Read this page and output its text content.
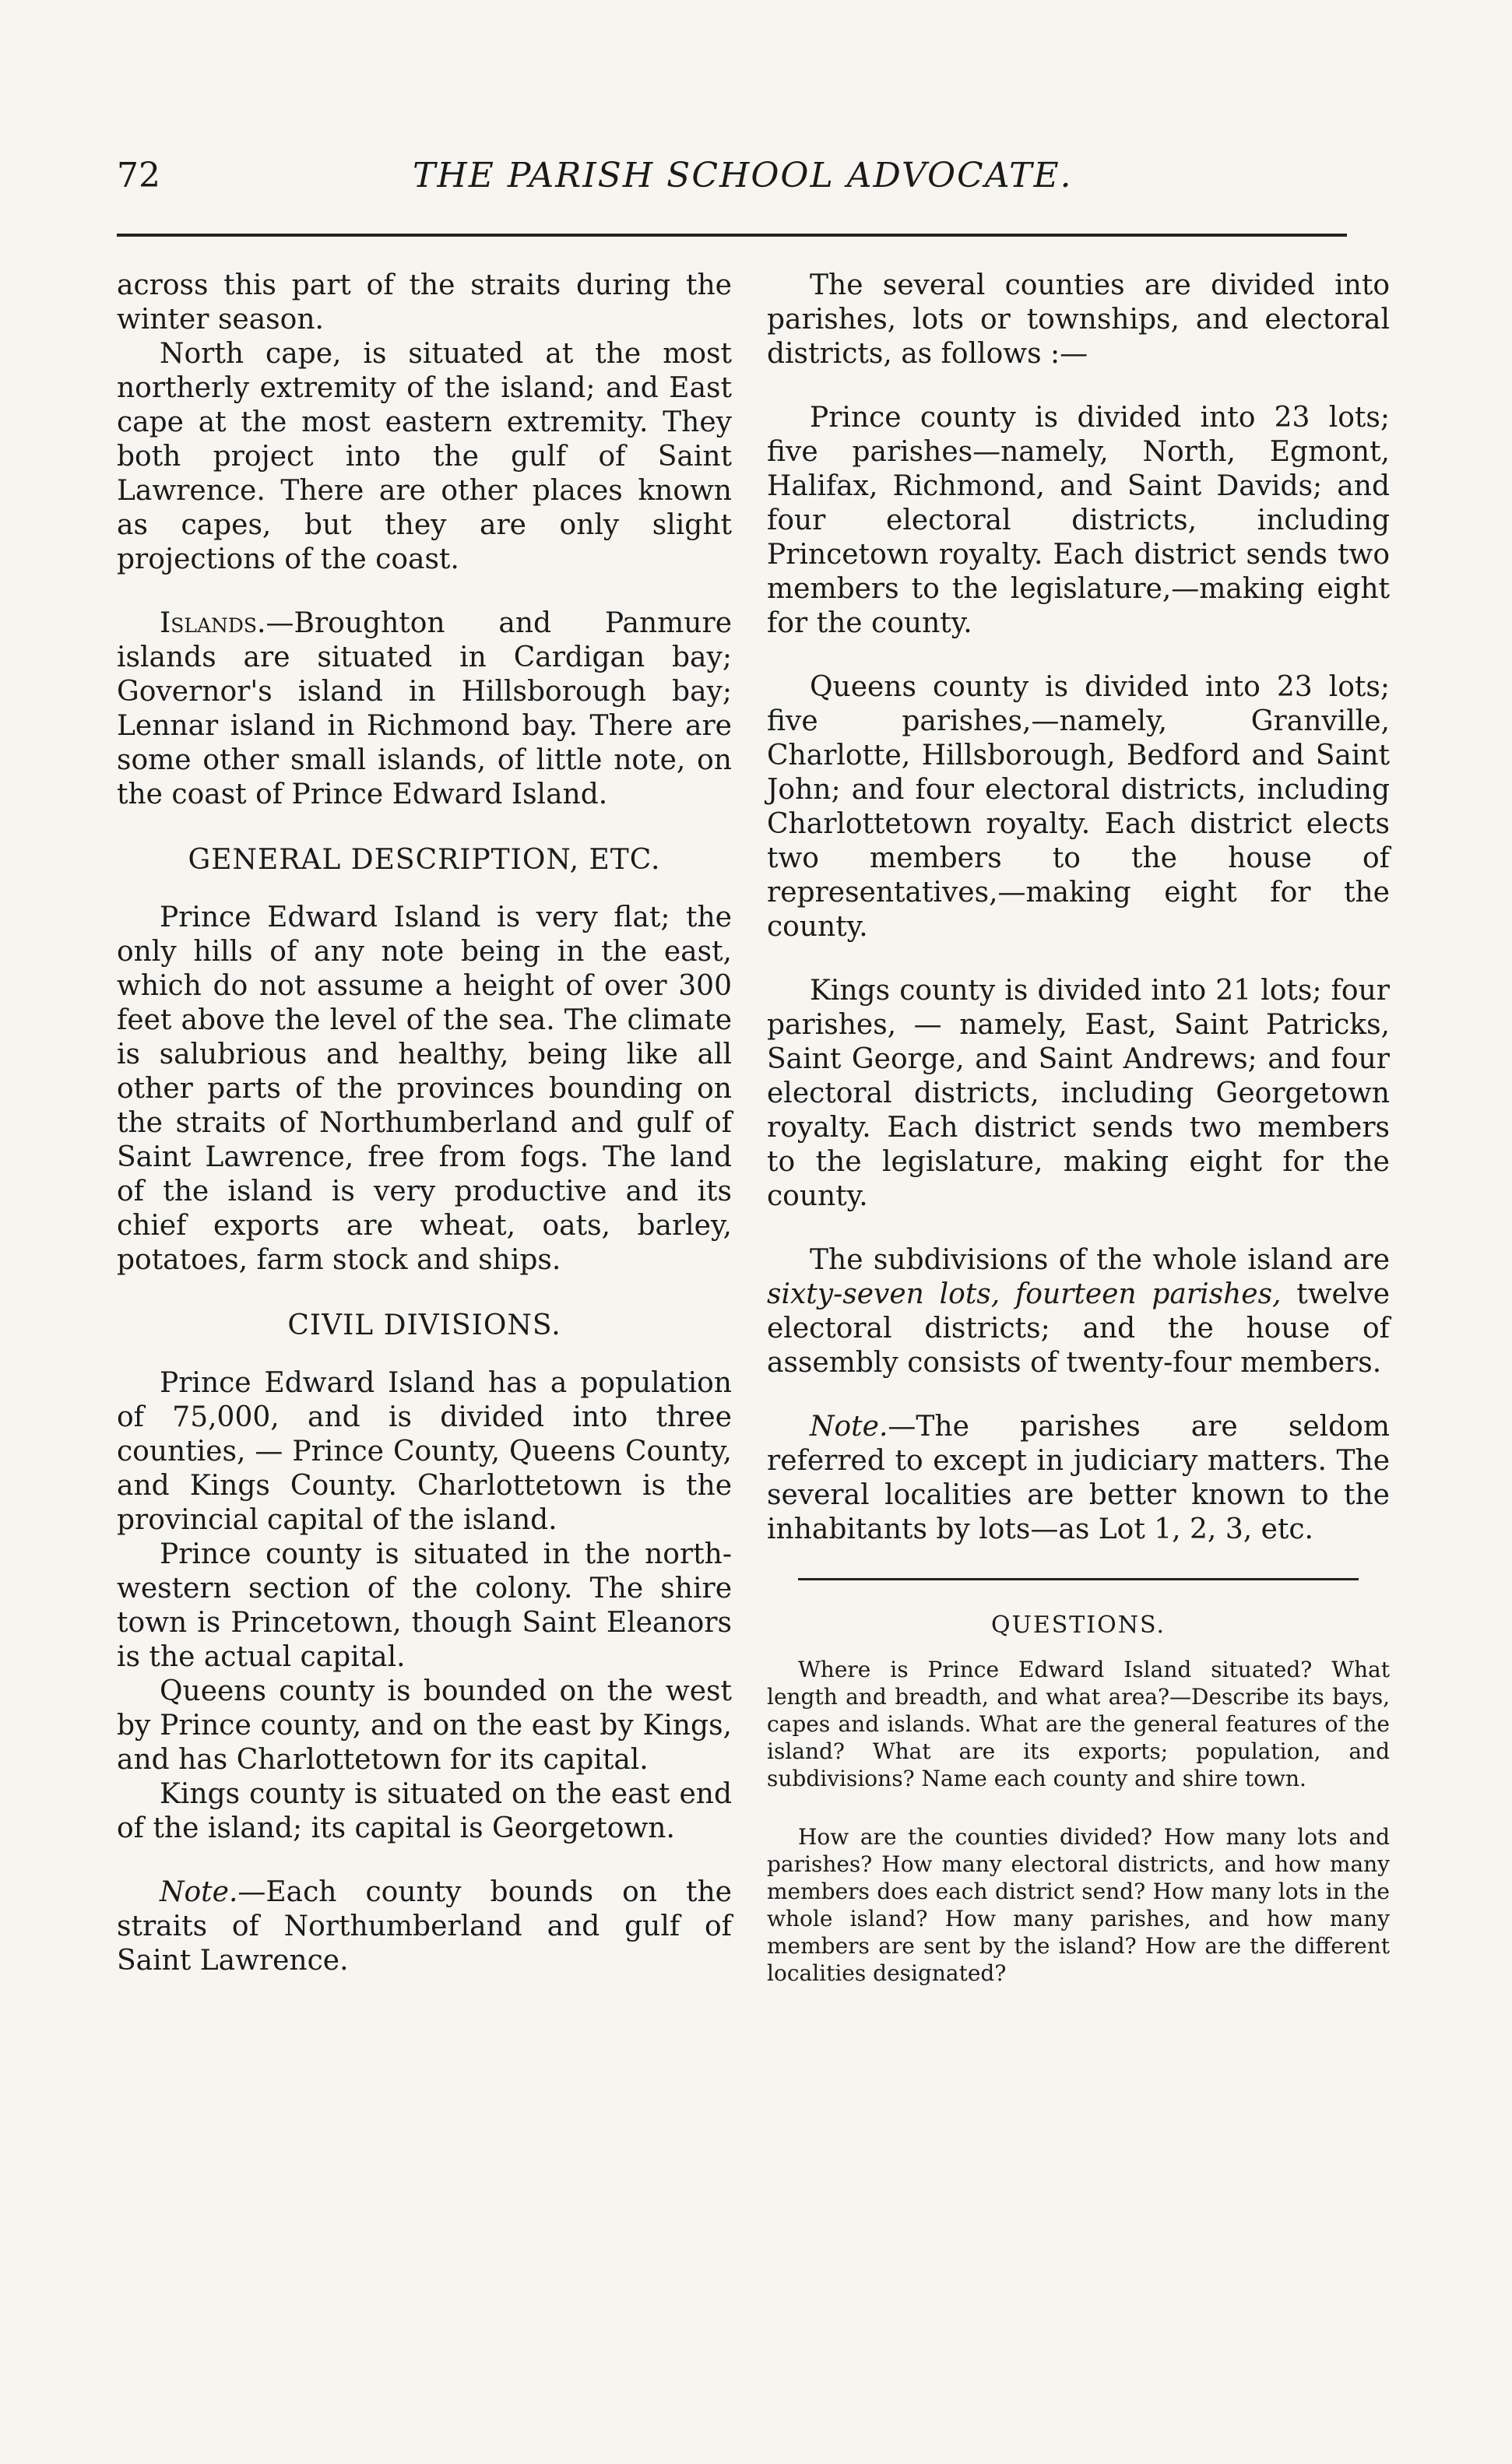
72	THE PARISH SCHOOL ADVOCATE.

across this part of the straits during the winter season.

North cape, is situated at the most northerly extremity of the island; and East cape at the most eastern extremity. They both project into the gulf of Saint Lawrence. There are other places known as capes, but they are only slight projections of the coast.

Islands.—Broughton and Panmure islands are situated in Cardigan bay; Governor's island in Hillsborough bay; Lennar island in Richmond bay. There are some other small islands, of little note, on the coast of Prince Edward Island.

GENERAL DESCRIPTION, ETC.

Prince Edward Island is very flat; the only hills of any note being in the east, which do not assume a height of over 300 feet above the level of the sea. The climate is salubrious and healthy, being like all other parts of the provinces bounding on the straits of Northumberland and gulf of Saint Lawrence, free from fogs. The land of the island is very productive and its chief exports are wheat, oats, barley, potatoes, farm stock and ships.

CIVIL DIVISIONS.

Prince Edward Island has a population of 75,000, and is divided into three counties, — Prince County, Queens County, and Kings County. Charlottetown is the provincial capital of the island.

Prince county is situated in the north-western section of the colony. The shire town is Princetown, though Saint Eleanors is the actual capital.

Queens county is bounded on the west by Prince county, and on the east by Kings, and has Charlottetown for its capital.

Kings county is situated on the east end of the island; its capital is Georgetown.

Note.—Each county bounds on the straits of Northumberland and gulf of Saint Lawrence.

The several counties are divided into parishes, lots or townships, and electoral districts, as follows :—

Prince county is divided into 23 lots; five parishes—namely, North, Egmont, Halifax, Richmond, and Saint Davids; and four electoral districts, including Princetown royalty. Each district sends two members to the legislature,—making eight for the county.

Queens county is divided into 23 lots; five parishes,—namely, Granville, Charlotte, Hillsborough, Bedford and Saint John; and four electoral districts, including Charlottetown royalty. Each district elects two members to the house of representatives,—making eight for the county.

Kings county is divided into 21 lots; four parishes, — namely, East, Saint Patricks, Saint George, and Saint Andrews; and four electoral districts, including Georgetown royalty. Each district sends two members to the legislature, making eight for the county.

The subdivisions of the whole island are sixty-seven lots, fourteen parishes, twelve electoral districts; and the house of assembly consists of twenty-four members.

Note.—The parishes are seldom referred to except in judiciary matters. The several localities are better known to the inhabitants by lots—as Lot 1, 2, 3, etc.

QUESTIONS.

Where is Prince Edward Island situated? What length and breadth, and what area?—Describe its bays, capes and islands. What are the general features of the island? What are its exports; population, and subdivisions? Name each county and shire town.

How are the counties divided? How many lots and parishes? How many electoral districts, and how many members does each district send? How many lots in the whole island? How many parishes, and how many members are sent by the island? How are the different localities designated?
